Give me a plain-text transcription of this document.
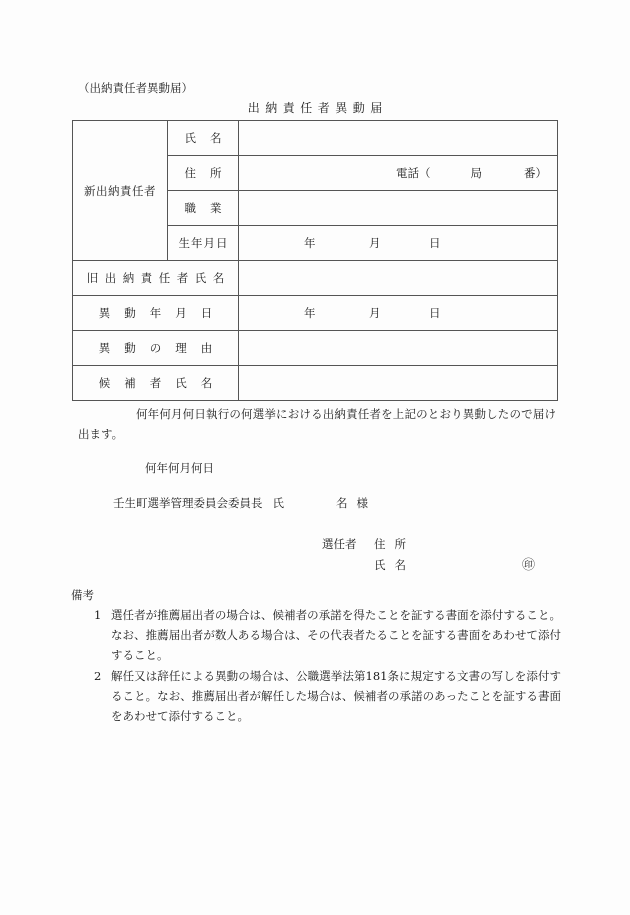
（出納責任者異動届）
出納責任者異動届
新出納責任者	氏名	
	住所	電話（ 局 番）

	職業	
	生年月日	年 月 日

旧出納責任者氏名		
異動年月日		年 月 日

異動の理由		
候補者氏名		
何年何月何日執行の何選挙における出納責任者を上記のとおり異動したので届け出ます。
何年何月何日
壬生町選挙管理委員会委員長 氏	名 様
選任者 住所
氏名	㊞
備考
1 選任者が推薦届出者の場合は、候補者の承諾を得たことを証する書面を添付すること。なお、推薦届出者が数人ある場合は、その代表者たることを証する書面をあわせて添付すること。
2 解任又は辞任による異動の場合は、公職選挙法第181条に規定する文書の写しを添付すること。なお、推薦届出者が解任した場合は、候補者の承諾のあったことを証する書面をあわせて添付すること。
